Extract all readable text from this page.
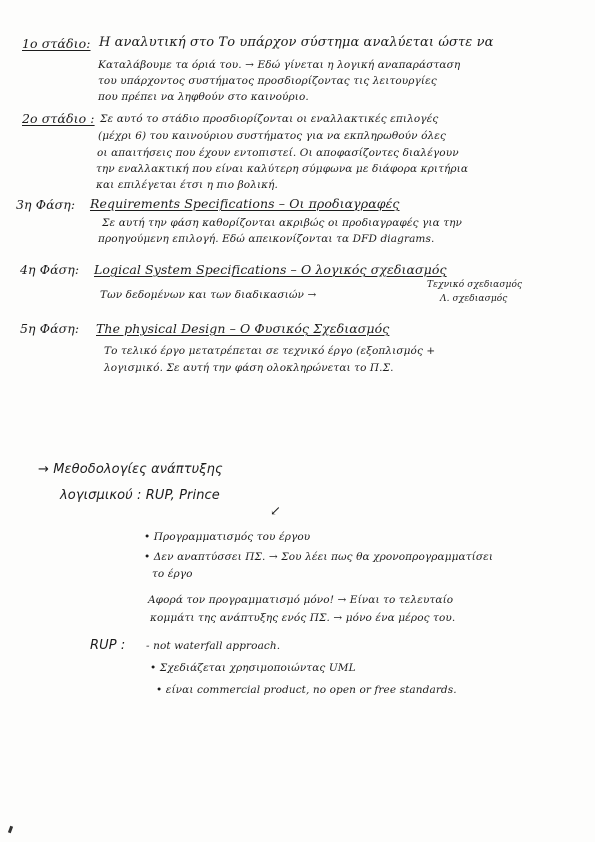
1ο στάδιο: Η αναλυτική στο Το υπάρχον σύστημα αναλύεται ώστε να
Καταλάβουμε τα όριά του. → Εδώ γίνεται η λογική αναπαράσταση
του υπάρχοντος συστήματος προσδιορίζοντας τις λειτουργίες
που πρέπει να ληφθούν στο καινούριο.
2ο στάδιο : Σε αυτό το στάδιο προσδιορίζονται οι εναλλακτικές επιλογές
(μέχρι 6) του καινούριου συστήματος για να εκπληρωθούν όλες
οι απαιτήσεις που έχουν εντοπιστεί. Οι αποφασίζοντες διαλέγουν
την εναλλακτική που είναι καλύτερη σύμφωνα με διάφορα κριτήρια
και επιλέγεται έτσι η πιο βολική.
3η Φάση: Requirements Specifications – Οι προδιαγραφές
Σε αυτή την φάση καθορίζονται ακριβώς οι προδιαγραφές για την
προηγούμενη επιλογή. Εδώ απεικονίζονται τα DFD diagrams.
4η Φάση: Logical System Specifications – Ο λογικός σχεδιασμός
Των δεδομένων και των διαδικασιών →
Τεχνικό σχεδιασμός
Λ. σχεδιασμός
5η Φάση: The physical Design – Ο Φυσικός Σχεδιασμός
Το τελικό έργο μετατρέπεται σε τεχνικό έργο (εξοπλισμός +
λογισμικό. Σε αυτή την φάση ολοκληρώνεται το Π.Σ.
→ Μεθοδολογίες ανάπτυξης
λογισμικού : RUP, Prince
↙
• Προγραμματισμός του έργου
• Δεν αναπτύσσει ΠΣ. → Σου λέει πως θα χρονοπρογραμματίσει
το έργο
Αφορά τον προγραμματισμό μόνο! → Είναι το τελευταίο
κομμάτι της ανάπτυξης ενός ΠΣ. → μόνο ένα μέρος του.
RUP : - not waterfall approach.
• Σχεδιάζεται χρησιμοποιώντας UML
• είναι commercial product, no open or free standards.
